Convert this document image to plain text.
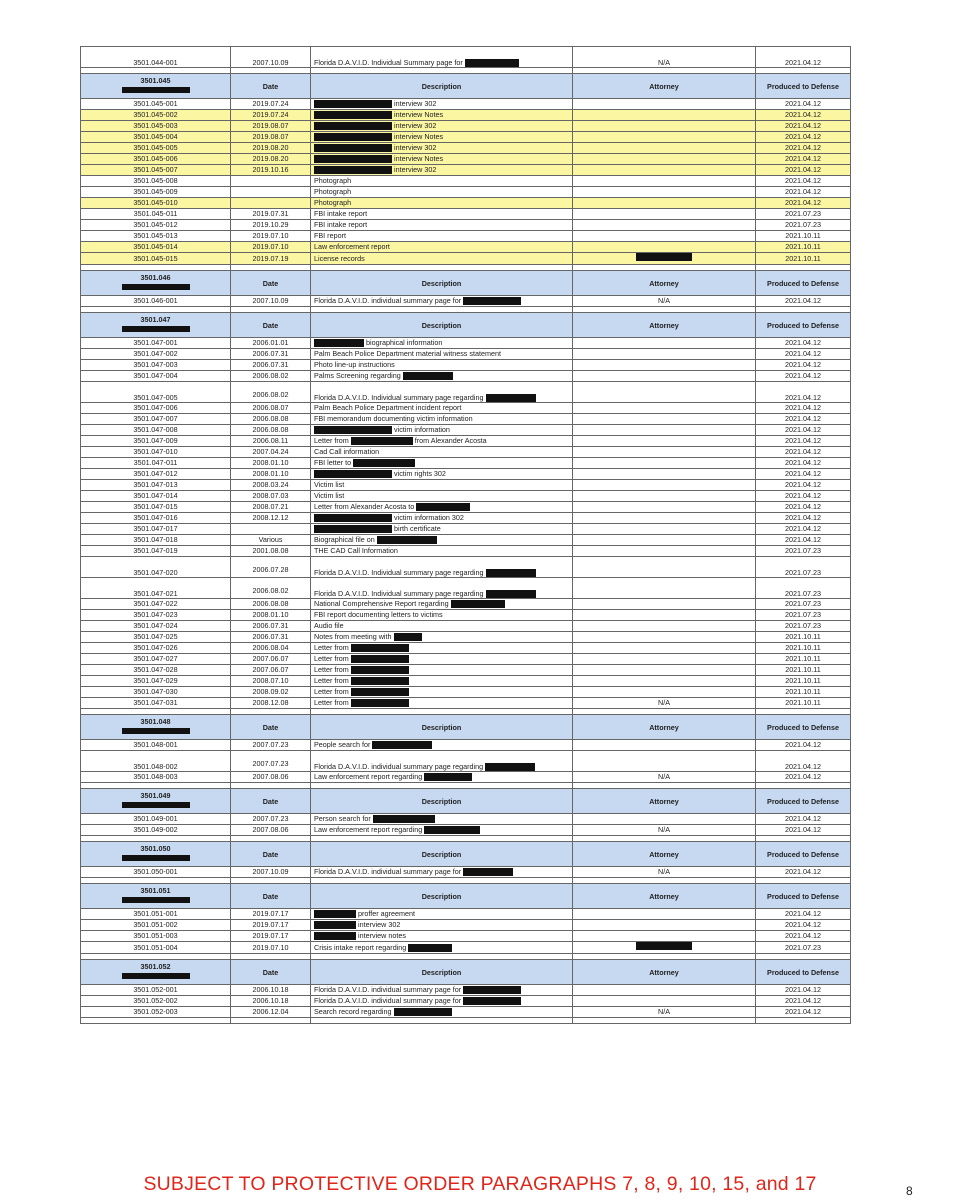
3501.044-001	2007.10.09	Florida D.A.V.I.D. Individual Summary page for	N/A	2021.04.12

3501.045	Date	Description	Attorney	Produced to Defense
3501.045-001	2019.07.24	interview 302		2021.04.12
3501.045-002	2019.07.24	interview Notes		2021.04.12
3501.045-003	2019.08.07	interview 302		2021.04.12
3501.045-004	2019.08.07	interview Notes		2021.04.12
3501.045-005	2019.08.20	interview 302		2021.04.12
3501.045-006	2019.08.20	interview Notes		2021.04.12
3501.045-007	2019.10.16	interview 302		2021.04.12
3501.045-008		Photograph		2021.04.12
3501.045-009		Photograph		2021.04.12
3501.045-010		Photograph		2021.04.12
3501.045-011	2019.07.31	FBI intake report		2021.07.23
3501.045-012	2019.10.29	FBI intake report		2021.07.23
3501.045-013	2019.07.10	FBI report		2021.10.11
3501.045-014	2019.07.10	Law enforcement report		2021.10.11
3501.045-015	2019.07.19	License records		2021.10.11

3501.046	Date	Description	Attorney	Produced to Defense
3501.046-001	2007.10.09	Florida D.A.V.I.D. individual summary page for	N/A	2021.04.12

3501.047	Date	Description	Attorney	Produced to Defense
3501.047-001	2006.01.01	biographical information		2021.04.12
3501.047-002	2006.07.31	Palm Beach Police Department material witness statement		2021.04.12
3501.047-003	2006.07.31	Photo line-up instructions		2021.04.12
3501.047-004	2006.08.02	Palms Screening regarding		2021.04.12
3501.047-005	2006.08.02	Florida D.A.V.I.D. Individual summary page regarding		2021.04.12
3501.047-006	2006.08.07	Palm Beach Police Department incident report		2021.04.12
3501.047-007	2006.08.08	FBI memorandum documenting victim information		2021.04.12
3501.047-008	2006.08.08	victim information		2021.04.12
3501.047-009	2006.08.11	Letter from from Alexander Acosta		2021.04.12
3501.047-010	2007.04.24	Cad Call information		2021.04.12
3501.047-011	2008.01.10	FBI letter to		2021.04.12
3501.047-012	2008.01.10	victim rights 302		2021.04.12
3501.047-013	2008.03.24	Victim list		2021.04.12
3501.047-014	2008.07.03	Victim list		2021.04.12
3501.047-015	2008.07.21	Letter from Alexander Acosta to		2021.04.12
3501.047-016	2008.12.12	victim information 302		2021.04.12
3501.047-017		birth certificate		2021.04.12
3501.047-018	Various	Biographical file on		2021.04.12
3501.047-019	2001.08.08	THE CAD Call Information		2021.07.23
3501.047-020	2006.07.28	Florida D.A.V.I.D. Individual summary page regarding		2021.07.23
3501.047-021	2006.08.02	Florida D.A.V.I.D. Individual summary page regarding		2021.07.23
3501.047-022	2006.08.08	National Comprehensive Report regarding		2021.07.23
3501.047-023	2008.01.10	FBI report documenting letters to victims		2021.07.23
3501.047-024	2006.07.31	Audio file		2021.07.23
3501.047-025	2006.07.31	Notes from meeting with		2021.10.11
3501.047-026	2006.08.04	Letter from		2021.10.11
3501.047-027	2007.06.07	Letter from		2021.10.11
3501.047-028	2007.06.07	Letter from		2021.10.11
3501.047-029	2008.07.10	Letter from		2021.10.11
3501.047-030	2008.09.02	Letter from		2021.10.11
3501.047-031	2008.12.08	Letter from	N/A	2021.10.11

3501.048	Date	Description	Attorney	Produced to Defense
3501.048-001	2007.07.23	People search for		2021.04.12
3501.048-002	2007.07.23	Florida D.A.V.I.D. individual summary page regarding		2021.04.12
3501.048-003	2007.08.06	Law enforcement report regarding	N/A	2021.04.12

3501.049	Date	Description	Attorney	Produced to Defense
3501.049-001	2007.07.23	Person search for		2021.04.12
3501.049-002	2007.08.06	Law enforcement report regarding	N/A	2021.04.12

3501.050	Date	Description	Attorney	Produced to Defense
3501.050-001	2007.10.09	Florida D.A.V.I.D. individual summary page for	N/A	2021.04.12

3501.051	Date	Description	Attorney	Produced to Defense
3501.051-001	2019.07.17	proffer agreement		2021.04.12
3501.051-002	2019.07.17	interview 302		2021.04.12
3501.051-003	2019.07.17	interview notes		2021.04.12
3501.051-004	2019.07.10	Crisis intake report regarding		2021.07.23

3501.052	Date	Description	Attorney	Produced to Defense
3501.052-001	2006.10.18	Florida D.A.V.I.D. individual summary page for		2021.04.12
3501.052-002	2006.10.18	Florida D.A.V.I.D. individual summary page for		2021.04.12
3501.052-003	2006.12.04	Search record regarding	N/A	2021.04.12

SUBJECT TO PROTECTIVE ORDER PARAGRAPHS 7, 8, 9, 10, 15, and 17	8
